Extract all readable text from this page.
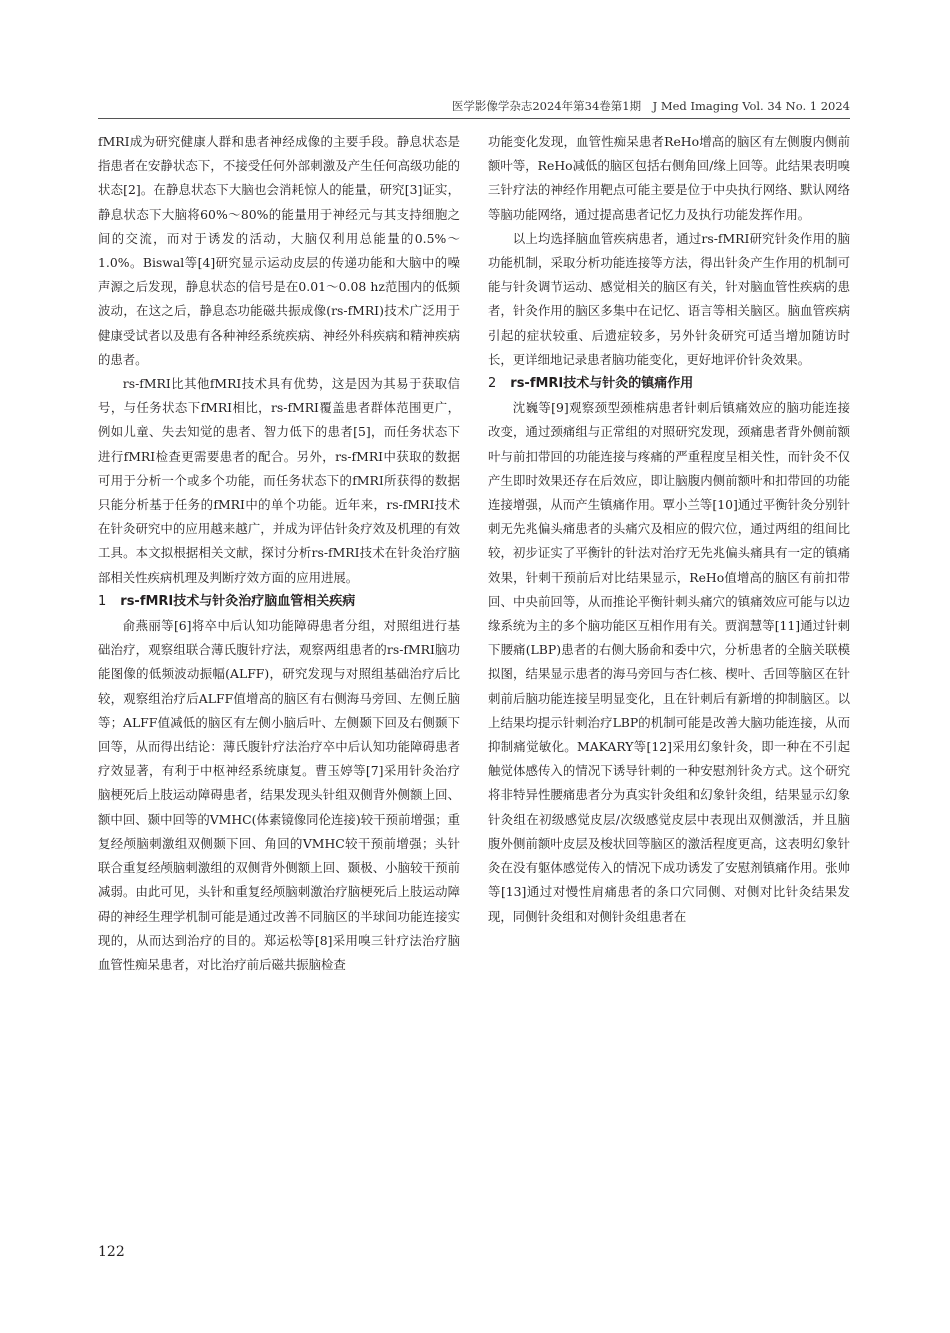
医学影像学杂志2024年第34卷第1期　J Med Imaging Vol. 34 No. 1 2024

fMRI成为研究健康人群和患者神经成像的主要手段。静息状态是指患者在安静状态下，不接受任何外部刺激及产生任何高级功能的状态[2]。在静息状态下大脑也会消耗惊人的能量，研究[3]证实，静息状态下大脑将60%～80%的能量用于神经元与其支持细胞之间的交流，而对于诱发的活动，大脑仅利用总能量的0.5%～1.0%。Biswal等[4]研究显示运动皮层的传递功能和大脑中的噪声源之后发现，静息状态的信号是在0.01～0.08 hz范围内的低频波动，在这之后，静息态功能磁共振成像(rs-fMRI)技术广泛用于健康受试者以及患有各种神经系统疾病、神经外科疾病和精神疾病的患者。

rs-fMRI比其他fMRI技术具有优势，这是因为其易于获取信号，与任务状态下fMRI相比，rs-fMRI覆盖患者群体范围更广，例如儿童、失去知觉的患者、智力低下的患者[5]，而任务状态下进行fMRI检查更需要患者的配合。另外，rs-fMRI中获取的数据可用于分析一个或多个功能，而任务状态下的fMRI所获得的数据只能分析基于任务的fMRI中的单个功能。近年来，rs-fMRI技术在针灸研究中的应用越来越广，并成为评估针灸疗效及机理的有效工具。本文拟根据相关文献，探讨分析rs-fMRI技术在针灸治疗脑部相关性疾病机理及判断疗效方面的应用进展。

1 rs-fMRI技术与针灸治疗脑血管相关疾病

俞燕丽等[6]将卒中后认知功能障碍患者分组，对照组进行基础治疗，观察组联合薄氏腹针疗法，观察两组患者的rs-fMRI脑功能图像的低频波动振幅(ALFF)，研究发现与对照组基础治疗后比较，观察组治疗后ALFF值增高的脑区有右侧海马旁回、左侧丘脑等；ALFF值减低的脑区有左侧小脑后叶、左侧颞下回及右侧颞下回等，从而得出结论：薄氏腹针疗法治疗卒中后认知功能障碍患者疗效显著，有利于中枢神经系统康复。曹玉婷等[7]采用针灸治疗脑梗死后上肢运动障碍患者，结果发现头针组双侧背外侧额上回、额中回、颞中回等的VMHC(体素镜像同伦连接)较干预前增强；重复经颅脑刺激组双侧颞下回、角回的VMHC较干预前增强；头针联合重复经颅脑刺激组的双侧背外侧额上回、颞极、小脑较干预前减弱。由此可见，头针和重复经颅脑刺激治疗脑梗死后上肢运动障碍的神经生理学机制可能是通过改善不同脑区的半球间功能连接实现的，从而达到治疗的目的。郑运松等[8]采用嗅三针疗法治疗脑血管性痴呆患者，对比治疗前后磁共振脑检查

功能变化发现，血管性痴呆患者ReHo增高的脑区有左侧腹内侧前额叶等，ReHo减低的脑区包括右侧角回/缘上回等。此结果表明嗅三针疗法的神经作用靶点可能主要是位于中央执行网络、默认网络等脑功能网络，通过提高患者记忆力及执行功能发挥作用。

以上均选择脑血管疾病患者，通过rs-fMRI研究针灸作用的脑功能机制，采取分析功能连接等方法，得出针灸产生作用的机制可能与针灸调节运动、感觉相关的脑区有关，针对脑血管性疾病的患者，针灸作用的脑区多集中在记忆、语言等相关脑区。脑血管疾病引起的症状较重、后遗症较多，另外针灸研究可适当增加随访时长，更详细地记录患者脑功能变化，更好地评价针灸效果。

2 rs-fMRI技术与针灸的镇痛作用

沈巍等[9]观察颈型颈椎病患者针刺后镇痛效应的脑功能连接改变，通过颈痛组与正常组的对照研究发现，颈痛患者背外侧前额叶与前扣带回的功能连接与疼痛的严重程度呈相关性，而针灸不仅产生即时效果还存在后效应，即让脑腹内侧前额叶和扣带回的功能连接增强，从而产生镇痛作用。覃小兰等[10]通过平衡针灸分别针刺无先兆偏头痛患者的头痛穴及相应的假穴位，通过两组的组间比较，初步证实了平衡针的针法对治疗无先兆偏头痛具有一定的镇痛效果，针刺干预前后对比结果显示，ReHo值增高的脑区有前扣带回、中央前回等，从而推论平衡针刺头痛穴的镇痛效应可能与以边缘系统为主的多个脑功能区互相作用有关。贾润慧等[11]通过针刺下腰痛(LBP)患者的右侧大肠俞和委中穴，分析患者的全脑关联模拟图，结果显示患者的海马旁回与杏仁核、楔叶、舌回等脑区在针刺前后脑功能连接呈明显变化，且在针刺后有新增的抑制脑区。以上结果均提示针刺治疗LBP的机制可能是改善大脑功能连接，从而抑制痛觉敏化。MAKARY等[12]采用幻象针灸，即一种在不引起触觉体感传入的情况下诱导针刺的一种安慰剂针灸方式。这个研究将非特异性腰痛患者分为真实针灸组和幻象针灸组，结果显示幻象针灸组在初级感觉皮层/次级感觉皮层中表现出双侧激活，并且脑腹外侧前额叶皮层及梭状回等脑区的激活程度更高，这表明幻象针灸在没有躯体感觉传入的情况下成功诱发了安慰剂镇痛作用。张帅等[13]通过对慢性肩痛患者的条口穴同侧、对侧对比针灸结果发现，同侧针灸组和对侧针灸组患者在

122
